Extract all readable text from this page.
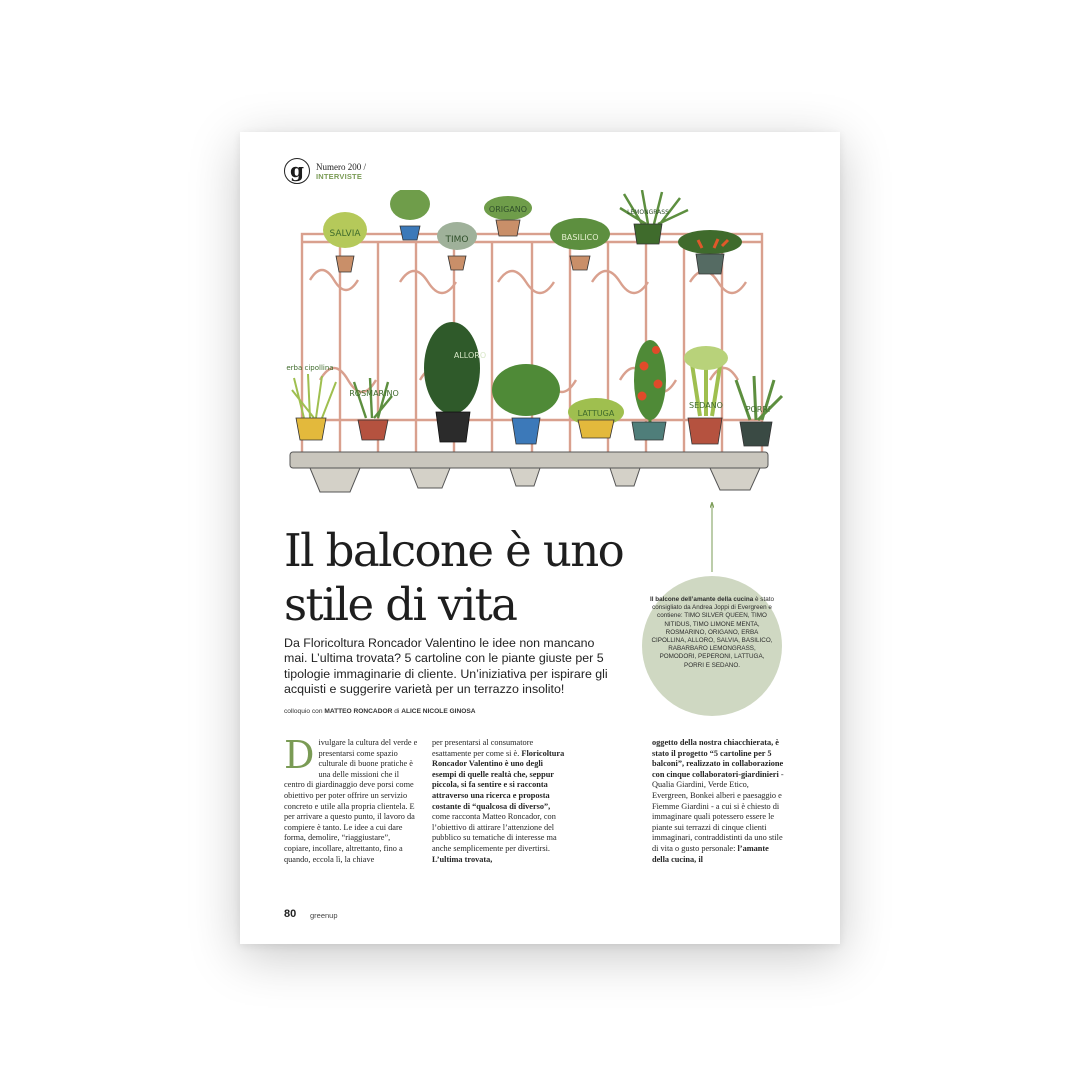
g	Numero 200 /
INTERVISTE
SALVIA
TIMO
ORIGANO
BASILICO
LEMONGRASS
erba cipollina
ROSMARINO
ALLORO
LATTUGA
SEDANO	PORRI
Il balcone è uno
stile di vita
Da Floricoltura Roncador Valentino le idee non mancano mai. L’ultima trovata? 5 cartoline con le piante giuste per 5 tipologie immaginarie di cliente. Un’iniziativa per ispirare gli acquisti e suggerire varietà per un terrazzo insolito!
colloquio con MATTEO RONCADOR di ALICE NICOLE GINOSA
Il balcone dell’amante della cucina è stato consigliato da Andrea Joppi di Evergreen e contiene: TIMO SILVER QUEEN, TIMO NITIDUS, TIMO LIMONE MENTA, ROSMARINO, ORIGANO, ERBA CIPOLLINA, ALLORO, SALVIA, BASILICO, RABARBARO LEMONGRASS, POMODORI, PEPERONI, LATTUGA, PORRI E SEDANO.
Divulgare la cultura del verde e presentarsi come spazio culturale di buone pratiche è una delle missioni che il centro di giardinaggio deve porsi come obiettivo per poter offrire un servizio concreto e utile alla propria clientela. E per arrivare a questo punto, il lavoro da compiere è tanto. Le idee a cui dare forma, demolire, “riaggiustare”, copiare, incollare, altrettanto, fino a quando, eccola lì, la chiave
per presentarsi al consumatore esattamente per come si è. Floricoltura Roncador Valentino è uno degli esempi di quelle realtà che, seppur piccola, si fa sentire e si racconta attraverso una ricerca e proposta costante di “qualcosa di diverso”, come racconta Matteo Roncador, con l’obiettivo di attirare l’attenzione del pubblico su tematiche di interesse ma anche semplicemente per divertirsi. L’ultima trovata,
oggetto della nostra chiacchierata, è stato il progetto “5 cartoline per 5 balconi”, realizzato in collaborazione con cinque collaboratori-giardinieri - Qualia Giardini, Verde Etico, Evergreen, Bonkei alberi e paesaggio e Fiemme Giardini - a cui si è chiesto di immaginare quali potessero essere le piante sui terrazzi di cinque clienti immaginari, contraddistinti da uno stile di vita o gusto personale: l’amante della cucina, il
80 greenup
